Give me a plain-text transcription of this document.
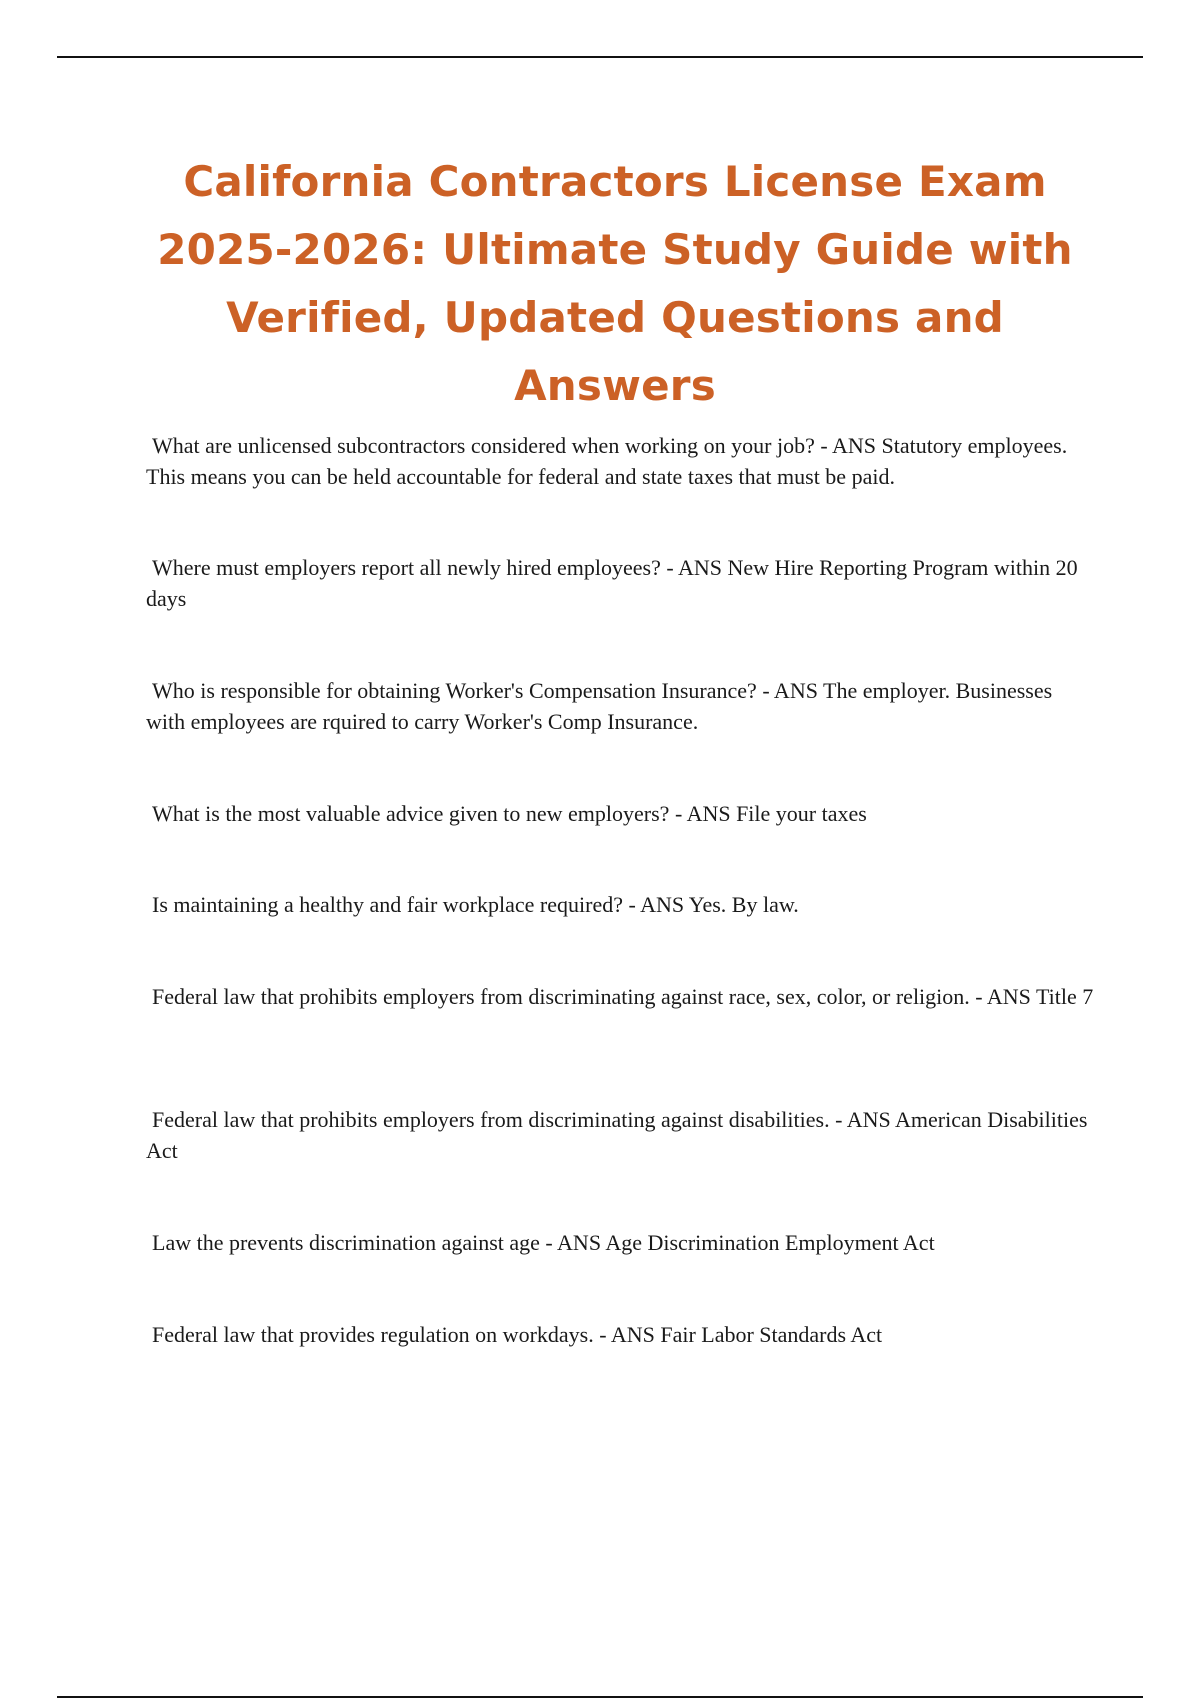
California Contractors License Exam 2025-2026: Ultimate Study Guide with Verified, Updated Questions and Answers

What are unlicensed subcontractors considered when working on your job? - ANS Statutory employees. This means you can be held accountable for federal and state taxes that must be paid.

Where must employers report all newly hired employees? - ANS New Hire Reporting Program within 20 days

Who is responsible for obtaining Worker's Compensation Insurance? - ANS The employer. Businesses with employees are rquired to carry Worker's Comp Insurance.

What is the most valuable advice given to new employers? - ANS File your taxes

Is maintaining a healthy and fair workplace required? - ANS Yes. By law.

Federal law that prohibits employers from discriminating against race, sex, color, or religion. - ANS Title 7

Federal law that prohibits employers from discriminating against disabilities. - ANS American Disabilities Act

Law the prevents discrimination against age - ANS Age Discrimination Employment Act

Federal law that provides regulation on workdays. - ANS Fair Labor Standards Act
